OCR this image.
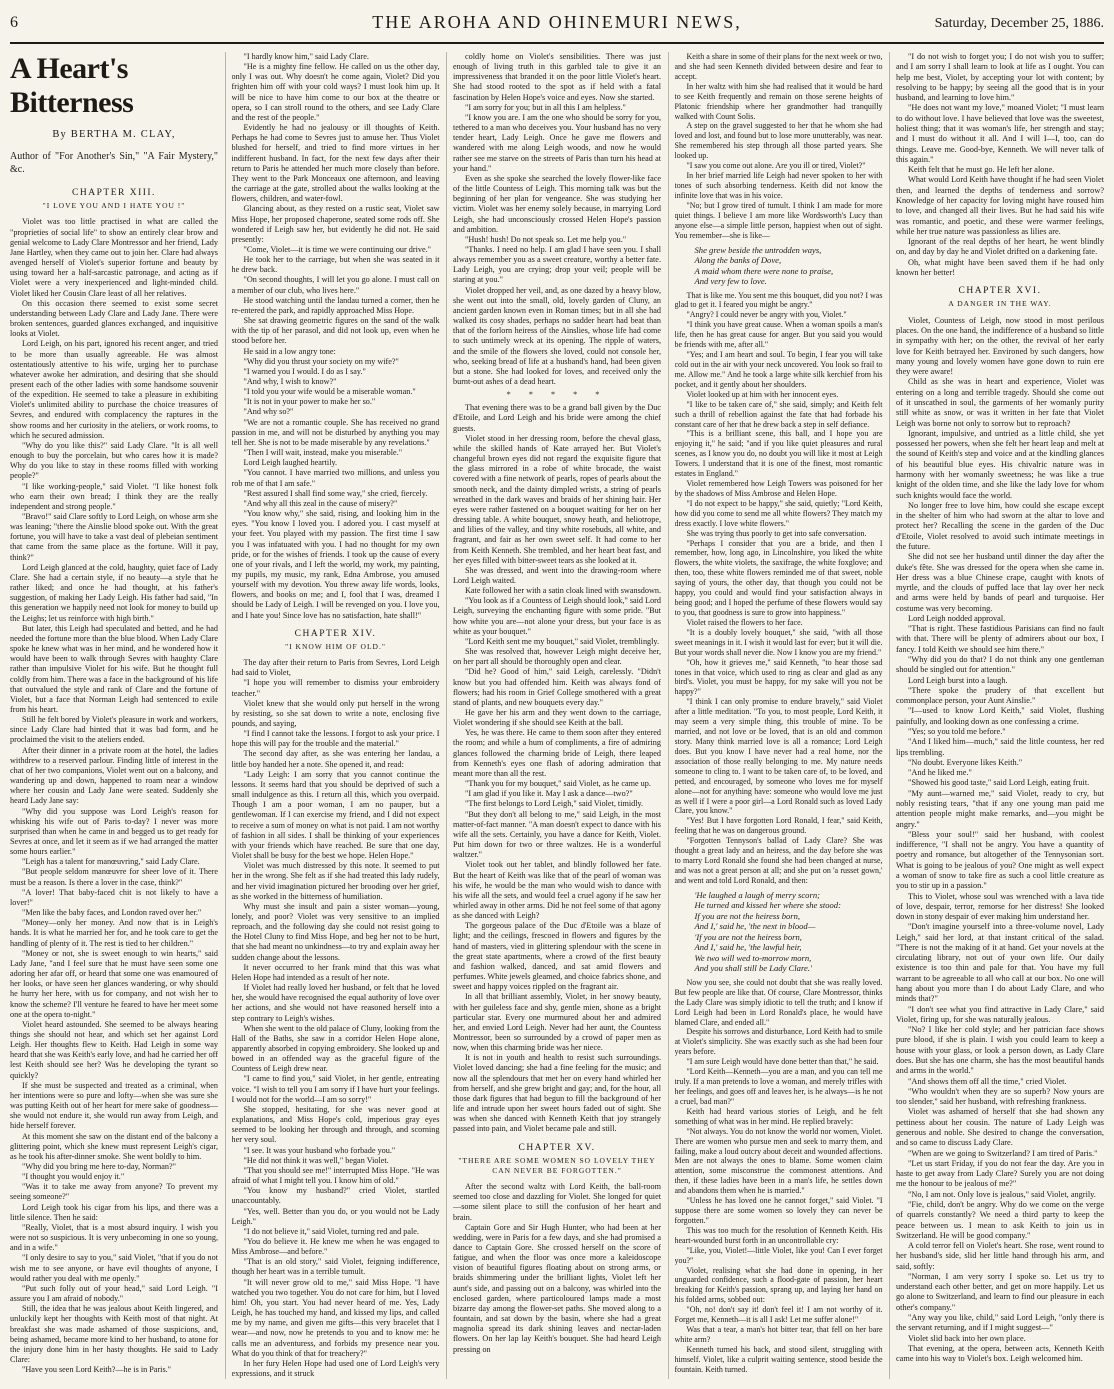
6	THE AROHA AND OHINEMURI NEWS,	Saturday, December 25, 1886.
A Heart's Bitterness
By BERTHA M. CLAY,
Author of "For Another's Sin," "A Fair Mystery," &c.
CHAPTER XIII.
"I LOVE YOU AND I HATE YOU !"
Violet was too little practised in what are called the "proprieties of social life" to show an entirely clear brow and genial welcome to Lady Clare Montressor and her friend, Lady Jane Hartley, when they came out to join her. Clare had always avenged herself of Violet's superior fortune and beauty by using toward her a half-sarcastic patronage, and acting as if Violet were a very inexperienced and light-minded child. Violet liked her Cousin Clare least of all her relatives.
On this occasion there seemed to exist some secret understanding between Lady Clare and Lady Jane. There were broken sentences, guarded glances exchanged, and inquisitive looks at Violet.
Lord Leigh, on his part, ignored his recent anger, and tried to be more than usually agreeable. He was almost ostentatiously attentive to his wife, urging her to purchase whatever awoke her admiration, and desiring that she should present each of the other ladies with some handsome souvenir of the expedition. He seemed to take a pleasure in exhibiting Violet's unlimited ability to purchase the choice treasures of Sevres, and endured with complacency the raptures in the show rooms and her curiosity in the ateliers, or work rooms, to which he secured admission.
"Why do you like this?" said Lady Clare. "It is all well enough to buy the porcelain, but who cares how it is made? Why do you like to stay in these rooms filled with working people?"
"I like working-people," said Violet. "I like honest folk who earn their own bread; I think they are the really independent and strong people."
"Bravo!" said Clare softly to Lord Leigh, on whose arm she was leaning; "there the Ainslie blood spoke out. With the great fortune, you will have to take a vast deal of plebeian sentiment that came from the same place as the fortune. Will it pay, think?"
Lord Leigh glanced at the cold, haughty, quiet face of Lady Clare. She had a certain style, if no beauty—a style that he rather liked; and once he had thought, at his father's suggestion, of making her Lady Leigh. His father had said, "In this generation we happily need not look for money to build up the Leighs; let us reinforce with high birth."
But later, this Leigh had speculated and betted, and he had needed the fortune more than the blue blood. When Lady Clare spoke he knew what was in her mind, and he wondered how it would have been to walk through Sevres with haughty Clare rather than impulsive Violet for his wife. But he thought full coldly from him. There was a face in the background of his life that outvalued the style and rank of Clare and the fortune of Violet, but a face that Norman Leigh had sentenced to exile from his heart.
Still he felt bored by Violet's pleasure in work and workers, since Lady Clare had hinted that it was bad form, and he proclaimed the visit to the ateliers ended.
After their dinner in a private room at the hotel, the ladies withdrew to a reserved parlour. Finding little of interest in the chat of her two companions, Violet went out on a balcony, and wandering up and down, happened to roam near a window where her cousin and Lady Jane were seated. Suddenly she heard Lady Jane say:
"Why did you suppose was Lord Leigh's reason for whisking his wife out of Paris to-day? I never was more surprised than when he came in and begged us to get ready for Sevres at once, and let it seem as if we had arranged the matter some hours earlier."
"Leigh has a talent for manœuvring," said Lady Clare.
"But people seldom manœuvre for sheer love of it. There must be a reason. Is there a lover in the case, think?"
"A lover! That baby-faced chit is not likely to have a lover!"
"Men like the baby faces, and London raved over her."
"Money—only her money. And now that is in Leigh's hands. It is what he married her for, and he took care to get the handling of plenty of it. The rest is tied to her children."
"Money or not, she is sweet enough to win hearts," said Lady Jane, "and I feel sure that he must have seen some one adoring her afar off, or heard that some one was enamoured of her looks, or have seen her glances wandering, or why should he hurry her here, with us for company, and not wish her to know the scheme? I'll venture he feared to have her meet some one at the opera to-night."
Violet heard astounded. She seemed to be always hearing things she should not hear, and which set her against Lord Leigh. Her thoughts flew to Keith. Had Leigh in some way heard that she was Keith's early love, and had he carried her off lest Keith should see her? Was he developing the tyrant so quickly?
If she must be suspected and treated as a criminal, when her intentions were so pure and lofty—when she was sure she was putting Keith out of her heart for mere sake of goodness—she would not endure it, she would run away from Leigh, and hide herself forever.
At this moment she saw on the distant end of the balcony a glittering point, which she knew must represent Leigh's cigar, as he took his after-dinner smoke. She went boldly to him.
"Why did you bring me here to-day, Norman?"
"I thought you would enjoy it."
"Was it to take me away from anyone? To prevent my seeing someone?"
Lord Leigh took his cigar from his lips, and there was a little silence. Then he said:
"Really, Violet, that is a most absurd inquiry. I wish you were not so suspicious. It is very unbecoming in one so young, and in a wife."
"I only desire to say to you," said Violet, "that if you do not wish me to see anyone, or have evil thoughts of anyone, I would rather you deal with me openly."
"Put such folly out of your head," said Lord Leigh. "I assure you I am afraid of nobody."
Still, the idea that he was jealous about Keith lingered, and unluckily kept her thoughts with Keith most of that night. At breakfast she was made ashamed of those suspicions, and, being ashamed, became more kind to her husband, to atone for the injury done him in her hasty thoughts. He said to Lady Clare:
"Have you seen Lord Keith?—he is in Paris."
"I hardly know him," said Lady Clare.
"He is a mighty fine fellow. He called on us the other day, only I was out. Why doesn't he come again, Violet? Did you frighten him off with your cold ways? I must look him up. It will be nice to have him come to our box at the theatre or opera, so I can stroll round to the others, and see Lady Clare and the rest of the people."
Evidently he had no jealousy or ill thoughts of Keith. Perhaps he had come to Sevres just to amuse her. Thus Violet blushed for herself, and tried to find more virtues in her indifferent husband. In fact, for the next few days after their return to Paris he attended her much more closely than before. They went to the Park Monceaux one afternoon, and leaving the carriage at the gate, strolled about the walks looking at the flowers, children, and water-fowl.
Glancing about, as they rested on a rustic seat, Violet saw Miss Hope, her proposed chaperone, seated some rods off. She wondered if Leigh saw her, but evidently he did not. He said presently:
"Come, Violet—it is time we were continuing our drive."
He took her to the carriage, but when she was seated in it he drew back.
"On second thoughts, I will let you go alone. I must call on a member of our club, who lives here."
He stood watching until the landau turned a corner, then he re-entered the park, and rapidly approached Miss Hope.
She sat drawing geometric figures on the sand of the walk with the tip of her parasol, and did not look up, even when he stood before her.
He said in a low angry tone:
"Why did you thrust your society on my wife?"
"I warned you I would. I do as I say."
"And why, I wish to know?"
"I told you your wife would be a miserable woman."
"It is not in your power to make her so."
"And why so?"
"We are not a romantic couple. She has received no grand passion in me, and will not be disturbed by anything you may tell her. She is not to be made miserable by any revelations."
"Then I will wait, instead, make you miserable."
Lord Leigh laughed heartily.
"You cannot. I have married two millions, and unless you rob me of that I am safe."
"Rest assured I shall find some way," she cried, fiercely.
"And why all this zeal in the cause of misery?"
"You know why," she said, rising, and looking him in the eyes. "You know I loved you. I adored you. I cast myself at your feet. You played with my passion. The first time I saw you I was infatuated with you. I had no thought for my own pride, or for the wishes of friends. I took up the cause of every one of your rivals, and I left the world, my work, my painting, my pupils, my music, my rank, Edna Ambrose, you amused yourself with my devotion. You threw away life words, looks, flowers, and books on me; and I, fool that I was, dreamed I should be Lady of Leigh. I will be revenged on you. I love you, and I hate you! Since love has no satisfaction, hate shall!"
CHAPTER XIV.
"I KNOW HIM OF OLD."
The day after their return to Paris from Sevres, Lord Leigh had said to Violet,
"I hope you will remember to dismiss your embroidery teacher."
Violet knew that she would only put herself in the wrong by resisting, so she sat down to write a note, enclosing five pounds, and saying,
"I find I cannot take the lessons. I forgot to ask your price. I hope this will pay for the trouble and the material."
The second day after, as she was entering her landau, a little boy handed her a note. She opened it, and read:
"Lady Leigh: I am sorry that you cannot continue the lessons. It seems hard that you should be deprived of such a small indulgence as this. I return all this, which you overpaid. Though I am a poor woman, I am no pauper, but a gentlewoman. If I can exercise my friend, and I did not expect to receive a sum of money on what is not paid. I am not worthy of fashion in all sides. I shall be thinking of your experiences with your friends which have reached. Be sure that one day, Violet shall be busy for the best we hope. Helen Hope."
Violet was much distressed by this note. It seemed to put her in the wrong. She felt as if she had treated this lady rudely, and her vivid imagination pictured her brooding over her grief, as she worked in the bitterness of humiliation.
Why must she insult and pain a sister woman—young, lonely, and poor? Violet was very sensitive to an implied reproach, and the following day she could not resist going to the Hotel Cluny to find Miss Hope, and beg her not to be hurt, that she had meant no unkindness—to try and explain away her sudden change about the lessons.
It never occurred to her frank mind that this was what Helen Hope had intended as a result of her note.
If Violet had really loved her husband, or felt that he loved her, she would have recognised the equal authority of love over her actions, and she would not have reasoned herself into a step contrary to Leigh's wishes.
When she went to the old palace of Cluny, looking from the Hall of the Baths, she saw in a corridor Helen Hope alone, apparently absorbed in copying embroidery. She looked up and bowed in an offended way as the graceful figure of the Countess of Leigh drew near.
"I came to find you," said Violet, in her gentle, entreating voice. "I wish to tell you I am sorry if I have hurt your feelings. I would not for the world—I am so sorry!"
She stopped, hesitating, for she was never good at explanations, and Miss Hope's cold, imperious gray eyes seemed to be looking her through and through, and scorning her very soul.
"I see. It was your husband who forbade you."
"He did not think it was well," began Violet.
"That you should see me!" interrupted Miss Hope. "He was afraid of what I might tell you. I know him of old."
"You know my husband?" cried Violet, startled unaccountably.
"Yes, well. Better than you do, or you would not be Lady Leigh."
"I do not believe it," said Violet, turning red and pale.
"You do believe it. He knew me when he was engaged to Miss Ambrose—and before."
"That is an old story," said Violet, feigning indifference, though her heart was in a terrible tumult.
"It will never grow old to me," said Miss Hope. "I have watched you two together. You do not care for him, but I loved him! Oh, you start. You had never heard of me. Yes, Lady Leigh, he has touched my hand, and kissed my lips, and called me by my name, and given me gifts—this very bracelet that I wear—and now, now he pretends to you and to know me: he calls me an adventuress, and forbids my presence near you. What do you think of that for treachery?"
In her fury Helen Hope had used one of Lord Leigh's very expressions, and it struck
coldly home on Violet's sensibilities. There was just enough of living truth in this garbled tale to give it an impressiveness that branded it on the poor little Violet's heart. She had stood rooted to the spot as if held with a fatal fascination by Helen Hope's voice and eyes. Now she started.
"I am sorry for you; but in all this I am helpless."
"I know you are. I am the one who should be sorry for you, tethered to a man who deceives you. Your husband has no very tender heart, Lady Leigh. Once he gave me flowers and wandered with me along Leigh woods, and now he would rather see me starve on the streets of Paris than turn his head at your hand."
Even as she spoke she searched the lovely flower-like face of the little Countess of Leigh. This morning talk was but the beginning of her plan for vengeance. She was studying her victim. Violet was her enemy solely because, in marrying Lord Leigh, she had unconsciously crossed Helen Hope's passion and ambition.
"Hush! hush! Do not speak so. Let me help you."
"Thanks. I need no help. I am glad I have seen you. I shall always remember you as a sweet creature, worthy a better fate. Lady Leigh, you are crying; drop your veil; people will be staring at you."
Violet dropped her veil, and, as one dazed by a heavy blow, she went out into the small, old, lovely garden of Cluny, an ancient garden known even in Roman times; but in all she had walked its cosy shades, perhaps no sadder heart had beat than that of the forlorn heiress of the Ainslies, whose life had come to such untimely wreck at its opening. The ripple of waters, and the smile of the flowers she loved, could not console her, who, seeking bread of life at a husband's hand, had been given but a stone. She had looked for loves, and received only the burnt-out ashes of a dead heart.
* * * * *
That evening there was to be a grand ball given by the Duc d'Etoile, and Lord Leigh and his bride were among the chief guests.
Violet stood in her dressing room, before the cheval glass, while the skilled hands of Kate arrayed her. But Violet's changeful brown eyes did not regard the exquisite figure that the glass mirrored in a robe of white brocade, the waist covered with a fine network of pearls, ropes of pearls about the smooth neck, and the dainty dimpled wrists, a string of pearls wreathed in the dark waves and braids of her shining hair. Her eyes were rather fastened on a bouquet waiting for her on her dressing table. A white bouquet, snowy heath, and heliotrope, and lilies of the valley, and tiny white rosebuds, all white, and fragrant, and fair as her own sweet self. It had come to her from Keith Kenneth. She trembled, and her heart beat fast, and her eyes filled with bitter-sweet tears as she looked at it.
She was dressed, and went into the drawing-room where Lord Leigh waited.
Kate followed her with a satin cloak lined with swansdown.
"You look as if a Countess of Leigh should look," said Lord Leigh, surveying the enchanting figure with some pride. "But how white you are—not alone your dress, but your face is as white as your bouquet."
"Lord Keith sent me my bouquet," said Violet, tremblingly.
She was resolved that, however Leigh might deceive her, on her part all should be thoroughly open and clear.
"Did he? Good of him," said Leigh, carelessly. "Didn't know but you had offended him. Keith was always fond of flowers; had his room in Grief College smothered with a great stand of plants, and new bouquets every day."
He gave her his arm and they went down to the carriage, Violet wondering if she should see Keith at the ball.
Yes, he was there. He came to them soon after they entered the room; and while a hum of compliments, a fire of admiring glances followed the charming bride of Leigh, there leaped from Kenneth's eyes one flash of adoring admiration that meant more than all the rest.
"Thank you for my bouquet," said Violet, as he came up.
"I am glad if you like it. May I ask a dance—two?"
"The first belongs to Lord Leigh," said Violet, timidly.
"But they don't all belong to me," said Leigh, in the most matter-of-fact manner. "A man doesn't expect to dance with his wife all the sets. Certainly, you have a dance for Keith, Violet. Put him down for two or three waltzes. He is a wonderful waltzer."
Violet took out her tablet, and blindly followed her fate. But the heart of Keith was like that of the pearl of woman was his wife, he would be the man who would wish to dance with his wife all the sets, and would feel a cruel agony if he saw her whirled away in other arms. Did he not feel some of that agony as she danced with Leigh?
The gorgeous palace of the Duc d'Etoile was a blaze of light; and the ceilings, frescoed in flowers and figures by the hand of masters, vied in glittering splendour with the scene in the great state apartments, where a crowd of the first beauty and fashion walked, danced, and sat amid flowers and perfumes. White jewels gleamed, and choice fabrics shone, and sweet and happy voices rippled on the fragrant air.
In all that brilliant assembly, Violet, in her snowy beauty, with her guileless face and shy, gentle mien, shone as a bright particular star. Every one murmured about her and admired her, and envied Lord Leigh. Never had her aunt, the Countess Montressor, been so surrounded by a crowd of paper men as now, when this charming bride was her niece.
It is not in youth and health to resist such surroundings. Violet loved dancing; she had a fine feeling for the music; and now all the splendours that met her on every hand whirled her from herself, and she grew bright and gay; and, for the hour, all those dark figures that had begun to fill the background of her life and intrude upon her sweet hours faded out of sight. She was when she danced with Kenneth Keith that joy strangely passed into pain, and Violet became pale and still.
CHAPTER XV.
"THERE ARE SOME WOMEN SO LOVELY THEY CAN NEVER BE FORGOTTEN."
After the second waltz with Lord Keith, the ball-room seemed too close and dazzling for Violet. She longed for quiet—some silent place to still the confusion of her heart and brain.
Captain Gore and Sir Hugh Hunter, who had been at her wedding, were in Paris for a few days, and she had promised a dance to Captain Gore. She crossed herself on the score of fatigue, and when the floor was once more a kaleidoscope vision of beautiful figures floating about on strong arms, or braids shimmering under the brilliant lights, Violet left her aunt's side, and passing out on a balcony, was whirled into the enclosed garden, where particoloured lamps made a most bizarre day among the flower-set paths. She moved along to a fountain, and sat down by the basin, where she had a great magnolia spread its dark shining leaves and nectar-laden flowers. On her lap lay Keith's bouquet. She had heard Leigh pressing on
Keith a share in some of their plans for the next week or two, and she had seen Kenneth divided between desire and fear to accept.
In her waltz with him she had realised that it would be hard to see Keith frequently and remain on those serene heights of Platonic friendship where her grandmother had tranquilly walked with Count Solis.
A step on the gravel suggested to her that he whom she had loved and lost, and found but to lose more unutterably, was near. She remembered his step through all those parted years. She looked up.
"I saw you come out alone. Are you ill or tired, Violet?"
In her brief married life Leigh had never spoken to her with tones of such absorbing tenderness. Keith did not know the infinite love that was in his voice.
"No; but I grow tired of tumult. I think I am made for more quiet things. I believe I am more like Wordsworth's Lucy than anyone else—a simple little person, happiest when out of sight. You remember—she is like—
She grew beside the untrodden ways,
Along the banks of Dove,
A maid whom there were none to praise,
And very few to love.
That is like me. You sent me this bouquet, did you not? I was glad to get it. I feared you might be angry."
"Angry? I could never be angry with you, Violet."
"I think you have great cause. When a woman spoils a man's life, then he has great cause for anger. But you said you would be friends with me, after all."
"Yes; and I am heart and soul. To begin, I fear you will take cold out in the air with your neck uncovered. You look so frail to me. Allow me." And he took a large white silk kerchief from his pocket, and it gently about her shoulders.
Violet looked up at him with her innocent eyes.
"I like to be taken care of," she said, simply; and Keith felt such a thrill of rebellion against the fate that had forbade his constant care of her that he drew back a step in self defiance.
"This is a brilliant scene, this ball, and I hope you are enjoying it," he said; "and if you like quiet pleasures and rural scenes, as I know you do, no doubt you will like it most at Leigh Towers. I understand that it is one of the finest, most romantic estates in England."
Violet remembered how Leigh Towers was poisoned for her by the shadows of Miss Ambrose and Helen Hope.
"I do not expect to be happy," she said, quietly; "Lord Keith, how did you come to send me all white flowers? They match my dress exactly. I love white flowers."
She was trying thus poorly to get into safe conversation.
"Perhaps I consider that you are a bride, and then I remember, how, long ago, in Lincolnshire, you liked the white flowers, the white violets, the saxifrage, the white foxglove; and then, too, these white flowers reminded me of that sweet, noble saying of yours, the other day, that though you could not be happy, you could and would find your satisfaction always in being good; and I hoped the perfume of these flowers would say to you, that goodness is sure to grow into happiness."
Violet raised the flowers to her face.
"It is a doubly lovely bouquet," she said, "with all those sweet meanings in it. I wish it would last for ever; but it will die. But your words shall never die. Now I know you are my friend."
"Oh, how it grieves me," said Kenneth, "to hear those sad tones in that voice, which used to ring as clear and glad as any bird's. Violet, you must be happy, for my sake will you not be happy?"
"I think I can only promise to endure bravely," said Violet after a little meditation. "To you, to most people, Lord Keith, it may seem a very simple thing, this trouble of mine. To be married, and not love or be loved, that is an old and common story. Many think married love is all a romance; Lord Leigh does. But you know I have never had a real home, nor the association of those really belonging to me. My nature needs someone to cling to. I want to be taken care of, to be loved, and petted, and encouraged, by someone who loves me for myself alone—not for anything have: someone who would love me just as well if I were a poor girl—a Lord Ronald such as loved Lady Clare, you know."
"Yes! But I have forgotten Lord Ronald, I fear," said Keith, feeling that he was on dangerous ground.
"Forgotten Tennyson's ballad of Lady Clare? She was thought a great lady and an heiress, and the day before she was to marry Lord Ronald she found she had been changed at nurse, and was not a great person at all; and she put on 'a russet gown,' and went and told Lord Ronald, and then:
'He laughed a laugh of merry scorn;
He turned and kissed her where she stood:
If you are not the heiress born,
And I,' said he, 'the next in blood—
'If you are not the heiress born,
And I,' said he, 'the lawful heir,
We two will wed to-morrow morn,
And you shall still be Lady Clare.'
Now you see, she could not doubt that she was really loved. But few people are like that. Of course, Clare Montressor, thinks the Lady Clare was simply idiotic to tell the truth; and I know if Lord Leigh had been in Lord Ronald's place, he would have blamed Clare, and ended all."
Despite his sorrows and disturbance, Lord Keith had to smile at Violet's simplicity. She was exactly such as she had been four years before.
"I am sure Leigh would have done better than that," he said.
"Lord Keith—Kenneth—you are a man, and you can tell me truly. If a man pretends to love a woman, and merely trifles with her feelings, and goes off and leaves her, is he always—is he not a cruel, bad man?"
Keith had heard various stories of Leigh, and he felt something of what was in her mind. He replied bravely:
"Not always. You do not know the world nor women, Violet. There are women who pursue men and seek to marry them, and failing, make a loud outcry about deceit and wounded affections. Men are not always the ones to blame. Some women claim attention, some misconstrue the commonest attentions. And then, if these ladies have been in a man's life, he settles down and abandons them when he is married."
"Unless he has loved one he cannot forget," said Violet. "I suppose there are some women so lovely they can never be forgotten."
This was too much for the resolution of Kenneth Keith. His heart-wounded burst forth in an uncontrollable cry:
"Like, you, Violet!—little Violet, like you! Can I ever forget you?"
Violet, realising what she had done in opening, in her unguarded confidence, such a flood-gate of passion, her heart breaking for Keith's passion, sprang up, and laying her hand on his folded arms, sobbed out:
"Oh, no! don't say it! don't feel it! I am not worthy of it. Forget me, Kenneth—it is all I ask! Let me suffer alone!"
Was that a tear, a man's hot bitter tear, that fell on her bare white arm?
Kenneth turned his back, and stood silent, struggling with himself. Violet, like a culprit waiting sentence, stood beside the fountain. Keith turned.
"I do not wish to forget you; I do not wish you to suffer; and I am sorry I shall learn to look at life as I ought. You can help me best, Violet, by accepting your lot with content; by resolving to be happy; by seeing all the good that is in your husband, and learning to love him."
"He does not want my love," moaned Violet; "I must learn to do without love. I have believed that love was the sweetest, holiest thing; that it was woman's life, her strength and stay; and I must do without it all. And I will I—I, too, can do things. Leave me. Good-bye, Kenneth. We will never talk of this again."
Keith felt that he must go. He left her alone.
What would Lord Keith have thought if he had seen Violet then, and learned the depths of tenderness and sorrow? Knowledge of her capacity for loving might have roused him to love, and changed all their lives. But he had said his wife was romantic, and poetic, and these were warmer feelings, while her true nature was passionless as lilies are.
Ignorant of the real depths of her heart, he went blindly on, and day by day he and Violet drifted on a darkening fate.
Oh, what might have been saved them if he had only known her better!
CHAPTER XVI.
A DANGER IN THE WAY.
Violet, Countess of Leigh, now stood in most perilous places. On the one hand, the indifference of a husband so little in sympathy with her; on the other, the revival of her early love for Keith betrayed her. Environed by such dangers, how many young and lovely women have gone down to ruin ere they were aware!
Child as she was in heart and experience, Violet was entering on a long and terrible tragedy. Should she come out of it unscathed in soul, the garments of her womanly purity still white as snow, or was it written in her fate that Violet Leigh was borne not only to sorrow but to reproach?
Ignorant, impulsive, and untried as a little child, she yet possessed her powers, when she felt her heart leap and melt at the sound of Keith's step and voice and at the kindling glances of his beautiful blue eyes. His chivalric nature was in harmony with her womanly sweetness; he was like a true knight of the olden time, and she like the lady love for whom such knights would face the world.
No longer free to love him, how could she escape except in the shelter of him who had sworn at the altar to love and protect her? Recalling the scene in the garden of the Duc d'Etoile, Violet resolved to avoid such intimate meetings in the future.
She did not see her husband until dinner the day after the duke's fête. She was dressed for the opera when she came in. Her dress was a blue Chinese crape, caught with knots of myrtle, and the clouds of puffed lace that lay over her neck and arms were held by bands of pearl and turquoise. Her costume was very becoming.
Lord Leigh nodded approval.
"That is right. These fastidious Parisians can find no fault with that. There will be plenty of admirers about our box, I fancy. I told Keith we should see him there."
"Why did you do that? I do not think any one gentleman should be singled out for attention."
Lord Leigh burst into a laugh.
"There spoke the prudery of that excellent but commonplace person, your Aunt Ainslie."
"I—used to know Lord Keith," said Violet, flushing painfully, and looking down as one confessing a crime.
"Yes; so you told me before."
"And I liked him—much," said the little countess, her red lips trembling.
"No doubt. Everyone likes Keith."
"And he liked me."
"Showed his good taste," said Lord Leigh, eating fruit.
"My aunt—warned me," said Violet, ready to cry, but nobly resisting tears, "that if any one young man paid me attention people might make remarks, and—you might be angry."
"Bless your soul!" said her husband, with coolest indifference, "I shall not be angry. You have a quantity of poetry and romance, but altogether of the Tennysonian sort. What is going to be jealous of you? One might as well expect a woman of snow to take fire as such a cool little creature as you to stir up in a passion."
This to Violet, whose soul was wrenched with a lava tide of love, despair, terror, remorse for her distress! She looked down in stony despair of ever making him understand her.
"Don't imagine yourself into a three-volume novel, Lady Leigh," said her lord, at that instant critical of the salad. "There is not the making of it at hand. Get your novels at the circulating library, not out of your own life. Our daily existence is too thin and pale for that. You have my full warrant to be agreeable to all who call at our box. No one will hang about you more than I do about Lady Clare, and who minds that?"
"I don't see what you find attractive in Lady Clare," said Violet, firing up, for she was naturally jealous.
"No? I like her cold style; and her patrician face shows pure blood, if she is plain. I wish you could learn to keep a house with your glass, or look a person down, as Lady Clare does. But she has one charm, she has the most beautiful hands and arms in the world."
"And shows them off all the time," cried Violet.
"Who wouldn't when they are so superb? Now yours are too slender," said her husband, with refreshing frankness.
Violet was ashamed of herself that she had shown any pettiness about her cousin. The nature of Lady Leigh was generous and noble. She desired to change the conversation, and so came to discuss Lady Clare.
"When are we going to Switzerland? I am tired of Paris."
"Let us start Friday, if you do not fear the day. Are you in haste to get away from Lady Clare? Surely you are not doing me the honour to be jealous of me?"
"No, I am not. Only love is jealous," said Violet, angrily.
"Fie, child, don't be angry. Why do we come on the verge of quarrels constantly? We need a third party to keep the peace between us. I mean to ask Keith to join us in Switzerland. He will be good company."
A cold terror fell on Violet's heart. She rose, went round to her husband's side, slid her little hand through his arm, and said, softly:
"Norman, I am very sorry I spoke so. Let us try to understand each other better, and get on more happily. Let us go alone to Switzerland, and learn to find our pleasure in each other's company."
"Any way you like, child," said Lord Leigh, "only there is the servant returning, and if I might suggest—"
Violet slid back into her own place.
That evening, at the opera, between acts, Kenneth Keith came into his way to Violet's box. Leigh welcomed him.
